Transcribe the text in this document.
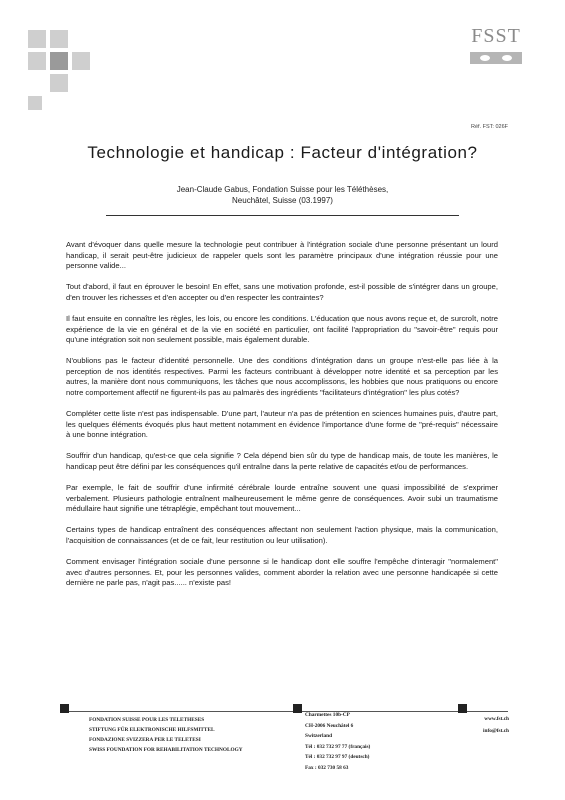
FSST
Réf. FST: 026F
Technologie et handicap : Facteur d'intégration?
Jean-Claude Gabus, Fondation Suisse pour les Téléthèses,
Neuchâtel, Suisse (03.1997)

Avant d'évoquer dans quelle mesure la technologie peut contribuer à l'intégration sociale d'une personne présentant un lourd handicap, il serait peut-être judicieux de rappeler quels sont les paramètre principaux d'une intégration réussie pour une personne valide...

Tout d'abord, il faut en éprouver le besoin! En effet, sans une motivation profonde, est-il possible de s'intégrer dans un groupe, d'en trouver les richesses et d'en accepter ou d'en respecter les contraintes?

Il faut ensuite en connaître les règles, les lois, ou encore les conditions. L'éducation que nous avons reçue et, de surcroît, notre expérience de la vie en général et de la vie en société en particulier, ont facilité l'appropriation du "savoir-être" requis pour qu'une intégration soit non seulement possible, mais également durable.

N'oublions pas le facteur d'identité personnelle. Une des conditions d'intégration dans un groupe n'est-elle pas liée à la perception de nos identités respectives. Parmi les facteurs contribuant à développer notre identité et sa perception par les autres, la manière dont nous communiquons, les tâches que nous accomplissons, les hobbies que nous pratiquons ou encore notre comportement affectif ne figurent-ils pas au palmarès des ingrédients "facilitateurs d'intégration" les plus cotés?

Compléter cette liste n'est pas indispensable. D'une part, l'auteur n'a pas de prétention en sciences humaines puis, d'autre part, les quelques éléments évoqués plus haut mettent notamment en évidence l'importance d'une forme de "pré-requis" nécessaire à une bonne intégration.

Souffrir d'un handicap, qu'est-ce que cela signifie ? Cela dépend bien sûr du type de handicap mais, de toute les manières, le handicap peut être défini par les conséquences qu'il entraîne dans la perte relative de capacités et/ou de performances.

Par exemple, le fait de souffrir d'une infirmité cérébrale lourde entraîne souvent une quasi impossibilité de s'exprimer verbalement. Plusieurs pathologie entraînent malheureusement le même genre de conséquences. Avoir subi un traumatisme médullaire haut signifie une tétraplégie, empêchant tout mouvement...

Certains types de handicap entraînent des conséquences affectant non seulement l'action physique, mais la communication, l'acquisition de connaissances (et de ce fait, leur restitution ou leur utilisation).

Comment envisager l'intégration sociale d'une personne si le handicap dont elle souffre l'empêche d'interagir "normalement" avec d'autres personnes. Et, pour les personnes valides, comment aborder la relation avec une personne handicapée si cette dernière ne parle pas, n'agit pas...... n'existe pas!

FONDATION SUISSE POUR LES TELETHESES
STIFTUNG FÜR ELEKTRONISCHE HILFSMITTEL
FONDAZIONE SVIZZERA PER LE TELETESI
SWISS FOUNDATION FOR REHABILITATION TECHNOLOGY
Charmettes 10b-CP
CH-2006 Neuchâtel 6
Switzerland
Tél : 032 732 97 77 (français)
Tél : 032 732 97 97 (deutsch)
Fax : 032 730 58 63
www.fst.ch
info@fst.ch
